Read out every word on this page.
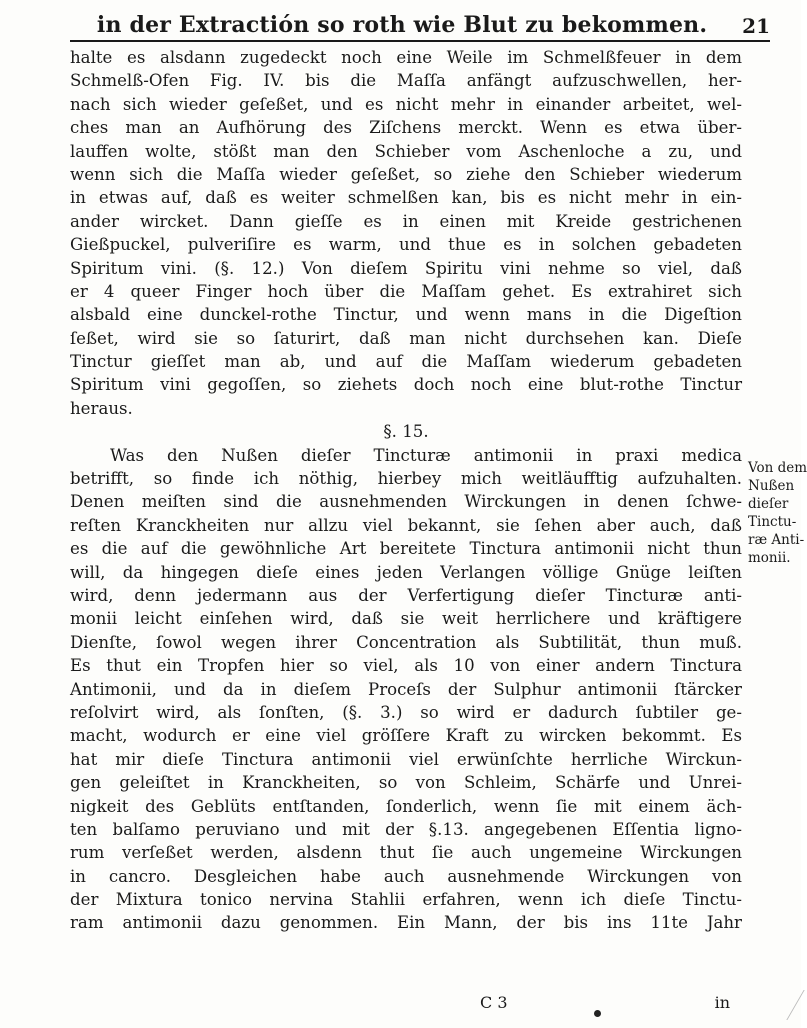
in der Extractión so roth wie Blut zu bekommen.	21
halte es alsdann zugedeckt noch eine Weile im Schmelßfeuer in dem
Schmelß-Ofen Fig. IV. bis die Maſſa anfängt aufzuschwellen, her-
nach sich wieder geſeßet, und es nicht mehr in einander arbeitet, wel-
ches man an Aufhörung des Ziſchens merckt. Wenn es etwa über-
lauffen wolte, stößt man den Schieber vom Aschenloche a zu, und
wenn sich die Maſſa wieder geſeßet, so ziehe den Schieber wiederum
in etwas auf, daß es weiter schmelßen kan, bis es nicht mehr in ein-
ander wircket. Dann gieſſe es in einen mit Kreide gestrichenen
Gießpuckel, pulveriſire es warm, und thue es in solchen gebadeten
Spiritum vini. (§. 12.) Von dieſem Spiritu vini nehme so viel, daß
er 4 queer Finger hoch über die Maſſam gehet. Es extrahiret sich
alsbald eine dunckel-rothe Tinctur, und wenn mans in die Digeſtion
ſeßet, wird sie so ſaturirt, daß man nicht durchsehen kan. Dieſe
Tinctur gieſſet man ab, und auf die Maſſam wiederum gebadeten
Spiritum vini gegoſſen, so ziehets doch noch eine blut-rothe Tinctur
heraus.
§. 15.
Was den Nußen dieſer Tincturæ antimonii in praxi medica
betrifft, so finde ich nöthig, hierbey mich weitläufftig aufzuhalten.
Denen meiſten sind die ausnehmenden Wirckungen in denen ſchwe-
reſten Kranckheiten nur allzu viel bekannt, sie ſehen aber auch, daß
es die auf die gewöhnliche Art bereitete Tinctura antimonii nicht thun
will, da hingegen dieſe eines jeden Verlangen völlige Gnüge leiſten
wird, denn jedermann aus der Verfertigung dieſer Tincturæ anti-
monii leicht einſehen wird, daß sie weit herrlichere und kräftigere
Dienſte, ſowol wegen ihrer Concentration als Subtilität, thun muß.
Es thut ein Tropfen hier so viel, als 10 von einer andern Tinctura
Antimonii, und da in dieſem Proceſs der Sulphur antimonii ſtärcker
reſolvirt wird, als ſonſten, (§. 3.) so wird er dadurch ſubtiler ge-
macht, wodurch er eine viel gröſſere Kraft zu wircken bekommt. Es
hat mir dieſe Tinctura antimonii viel erwünſchte herrliche Wirckun-
gen geleiſtet in Kranckheiten, so von Schleim, Schärfe und Unrei-
nigkeit des Geblüts entſtanden, ſonderlich, wenn ſie mit einem äch-
ten balſamo peruviano und mit der §.13. angegebenen Eſſentia ligno-
rum verſeßet werden, alsdenn thut ſie auch ungemeine Wirckungen
in cancro. Desgleichen habe auch ausnehmende Wirckungen von
der Mixtura tonico nervina Stahlii erfahren, wenn ich dieſe Tinctu-
ram antimonii dazu genommen. Ein Mann, der bis ins 11te Jahr
Von dem
Nußen
dieſer
Tinctu-
ræ Anti-
monii.
C 3	in
